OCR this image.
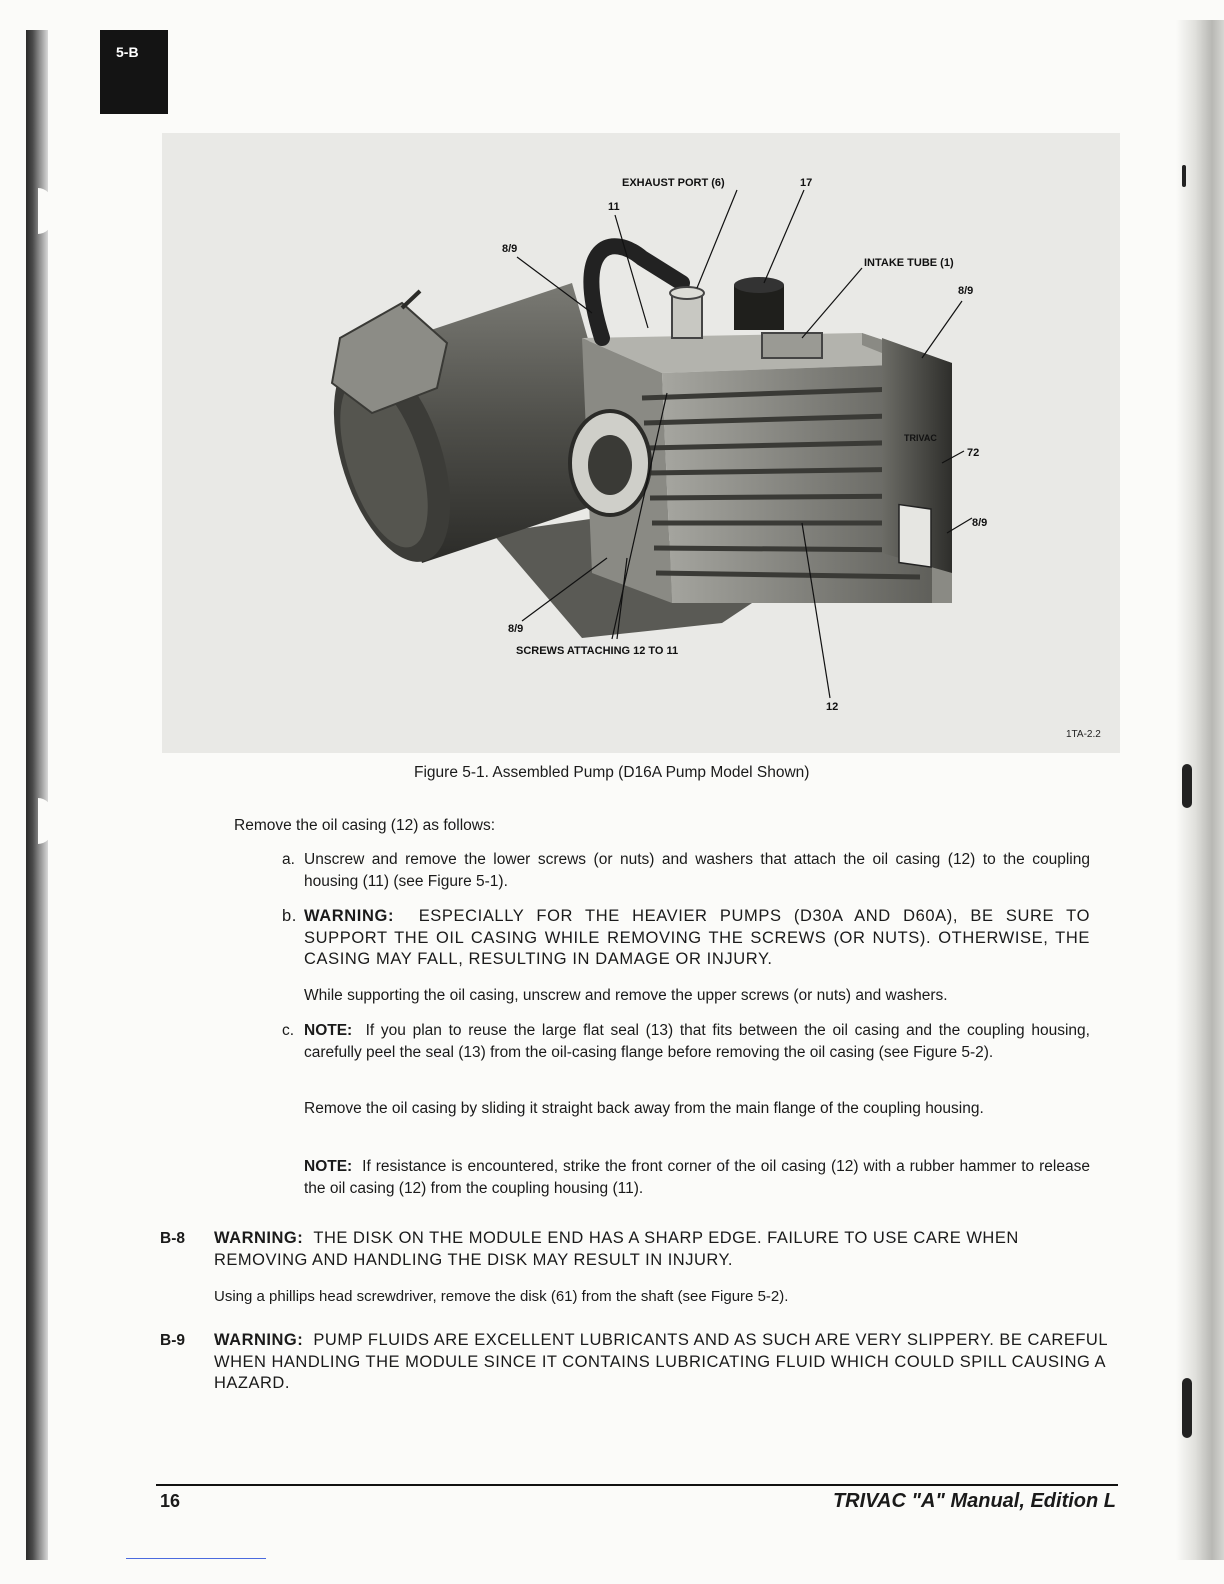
5-B
TRIVAC
EXHAUST PORT (6)
11
17
8/9
INTAKE TUBE (1)
8/9
72
8/9
8/9
SCREWS ATTACHING 12 TO 11
12
1TA-2.2
Figure 5-1. Assembled Pump (D16A Pump Model Shown)
Remove the oil casing (12) as follows:
a. Unscrew and remove the lower screws (or nuts) and washers that attach the oil casing (12) to the coupling housing (11) (see Figure 5-1).
b. WARNING: ESPECIALLY FOR THE HEAVIER PUMPS (D30A AND D60A), BE SURE TO SUPPORT THE OIL CASING WHILE REMOVING THE SCREWS (OR NUTS). OTHERWISE, THE CASING MAY FALL, RESULTING IN DAMAGE OR INJURY.
While supporting the oil casing, unscrew and remove the upper screws (or nuts) and washers.
c. NOTE: If you plan to reuse the large flat seal (13) that fits between the oil casing and the coupling housing, carefully peel the seal (13) from the oil-casing flange before removing the oil casing (see Figure 5-2).
Remove the oil casing by sliding it straight back away from the main flange of the coupling housing.
NOTE: If resistance is encountered, strike the front corner of the oil casing (12) with a rubber hammer to release the oil casing (12) from the coupling housing (11).
B-8 WARNING: THE DISK ON THE MODULE END HAS A SHARP EDGE. FAILURE TO USE CARE WHEN REMOVING AND HANDLING THE DISK MAY RESULT IN INJURY.
Using a phillips head screwdriver, remove the disk (61) from the shaft (see Figure 5-2).
B-9 WARNING: PUMP FLUIDS ARE EXCELLENT LUBRICANTS AND AS SUCH ARE VERY SLIPPERY. BE CAREFUL WHEN HANDLING THE MODULE SINCE IT CONTAINS LUBRICATING FLUID WHICH COULD SPILL CAUSING A HAZARD.
16	TRIVAC "A" Manual, Edition L
